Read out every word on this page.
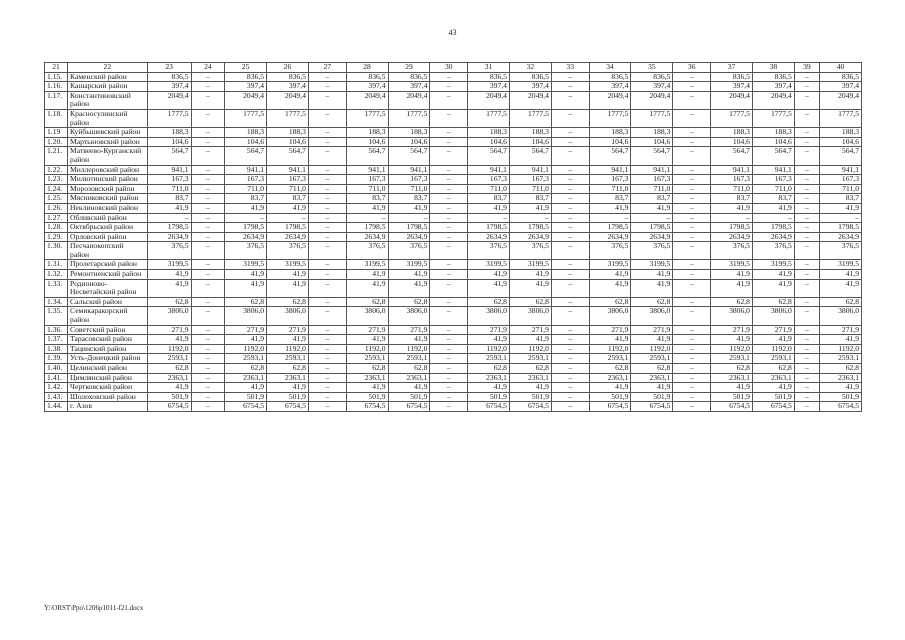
43
21	22	23	24	25	26	27	28	29	30	31	32	33	34	35	36	37	38	39	40
1.15.	Каменский район	836,5	–	836,5	836,5	–	836,5	836,5	–	836,5	836,5	–	836,5	836,5	–	836,5	836,5	–	836,5
1.16.	Кашарский район	397,4	–	397,4	397,4	–	397,4	397,4	–	397,4	397,4	–	397,4	397,4	–	397,4	397,4	–	397,4
1.17.	Константиновский район	2049,4	–	2049,4	2049,4	–	2049,4	2049,4	–	2049,4	2049,4	–	2049,4	2049,4	–	2049,4	2049,4	–	2049,4
1.18.	Красносулинский район	1777,5	–	1777,5	1777,5	–	1777,5	1777,5	–	1777,5	1777,5	–	1777,5	1777,5	–	1777,5	1777,5	–	1777,5
1.19	Куйбышевский район	188,3	–	188,3	188,3	–	188,3	188,3	–	188,3	188,3	–	188,3	188,3	–	188,3	188,3	–	188,3
1.20.	Мартыновский район	104,6	–	104,6	104,6	–	104,6	104,6	–	104,6	104,6	–	104,6	104,6	–	104,6	104,6	–	104,6
1.21.	Матвеево-Курганский район	564,7	–	564,7	564,7	–	564,7	564,7	–	564,7	564,7	–	564,7	564,7	–	564,7	564,7	–	564,7
1.22.	Миллеровский район	941,1	–	941,1	941,1	–	941,1	941,1	–	941,1	941,1	–	941,1	941,1	–	941,1	941,1	–	941,1
1.23.	Милютинский район	167,3	–	167,3	167,3	–	167,3	167,3	–	167,3	167,3	–	167,3	167,3	–	167,3	167,3	–	167,3
1.24.	Морозовский район	711,0	–	711,0	711,0	–	711,0	711,0	–	711,0	711,0	–	711,0	711,0	–	711,0	711,0	–	711,0
1.25.	Мясниковский район	83,7	–	83,7	83,7	–	83,7	83,7	–	83,7	83,7	–	83,7	83,7	–	83,7	83,7	–	83,7
1.26.	Неклиновский район	41,9	–	41,9	41,9	–	41,9	41,9	–	41,9	41,9	–	41,9	41,9	–	41,9	41,9	–	41,9
1.27.	Обливский район	–	–	–	–	–	–	–	–	–	–	–	–	–	–	–	–	–	–
1.28.	Октябрьский район	1798,5	–	1798,5	1798,5	–	1798,5	1798,5	–	1798,5	1798,5	–	1798,5	1798,5	–	1798,5	1798,5	–	1798,5
1.29.	Орловский район	2634,9	–	2634,9	2634,9	–	2634,9	2634,9	–	2634,9	2634,9	–	2634,9	2634,9	–	2634,9	2634,9	–	2634,9
1.30.	Песчанокопский район	376,5	–	376,5	376,5	–	376,5	376,5	–	376,5	376,5	–	376,5	376,5	–	376,5	376,5	–	376,5
1.31.	Пролетарский район	3199,5	–	3199,5	3199,5	–	3199,5	3199,5	–	3199,5	3199,5	–	3199,5	3199,5	–	3199,5	3199,5	–	3199,5
1.32.	Ремонтненский район	41,9	–	41,9	41,9	–	41,9	41,9	–	41,9	41,9	–	41,9	41,9	–	41,9	41,9	–	41,9
1.33.	Родионово-Несветайский район	41,9	–	41,9	41,9	–	41,9	41,9	–	41,9	41,9	–	41,9	41,9	–	41,9	41,9	–	41,9
1.34.	Сальский район	62,8	–	62,8	62,8	–	62,8	62,8	–	62,8	62,8	–	62,8	62,8	–	62,8	62,8	–	62,8
1.35.	Семикаракорский район	3806,0	–	3806,0	3806,0	–	3806,0	3806,0	–	3806,0	3806,0	–	3806,0	3806,0	–	3806,0	3806,0	–	3806,0
1.36.	Советский район	271,9	–	271,9	271,9	–	271,9	271,9	–	271,9	271,9	–	271,9	271,9	–	271,9	271,9	–	271,9
1.37.	Тарасовский район	41,9	–	41,9	41,9	–	41,9	41,9	–	41,9	41,9	–	41,9	41,9	–	41,9	41,9	–	41,9
1.38.	Тацинский район	1192,0	–	1192,0	1192,0	–	1192,0	1192,0	–	1192,0	1192,0	–	1192,0	1192,0	–	1192,0	1192,0	–	1192,0
1.39.	Усть-Донецкий район	2593,1	–	2593,1	2593,1	–	2593,1	2593,1	–	2593,1	2593,1	–	2593,1	2593,1	–	2593,1	2593,1	–	2593,1
1.40.	Целинский район	62,8	–	62,8	62,8	–	62,8	62,8	–	62,8	62,8	–	62,8	62,8	–	62,8	62,8	–	62,8
1.41.	Цимлянский район	2363,1	–	2363,1	2363,1	–	2363,1	2363,1	–	2363,1	2363,1	–	2363,1	2363,1	–	2363,1	2363,1	–	2363,1
1.42.	Чертковский район	41,9	–	41,9	41,9	–	41,9	41,9	–	41,9	41,9	–	41,9	41,9	–	41,9	41,9	–	41,9
1.43.	Шолоховский район	501,9	–	501,9	501,9	–	501,9	501,9	–	501,9	501,9	–	501,9	501,9	–	501,9	501,9	–	501,9
1.44.	г. Азов	6754,5	–	6754,5	6754,5	–	6754,5	6754,5	–	6754,5	6754,5	–	6754,5	6754,5	–	6754,5	6754,5	–	6754,5
Y:\ORST\Ppo\1206p1011-f21.docx
